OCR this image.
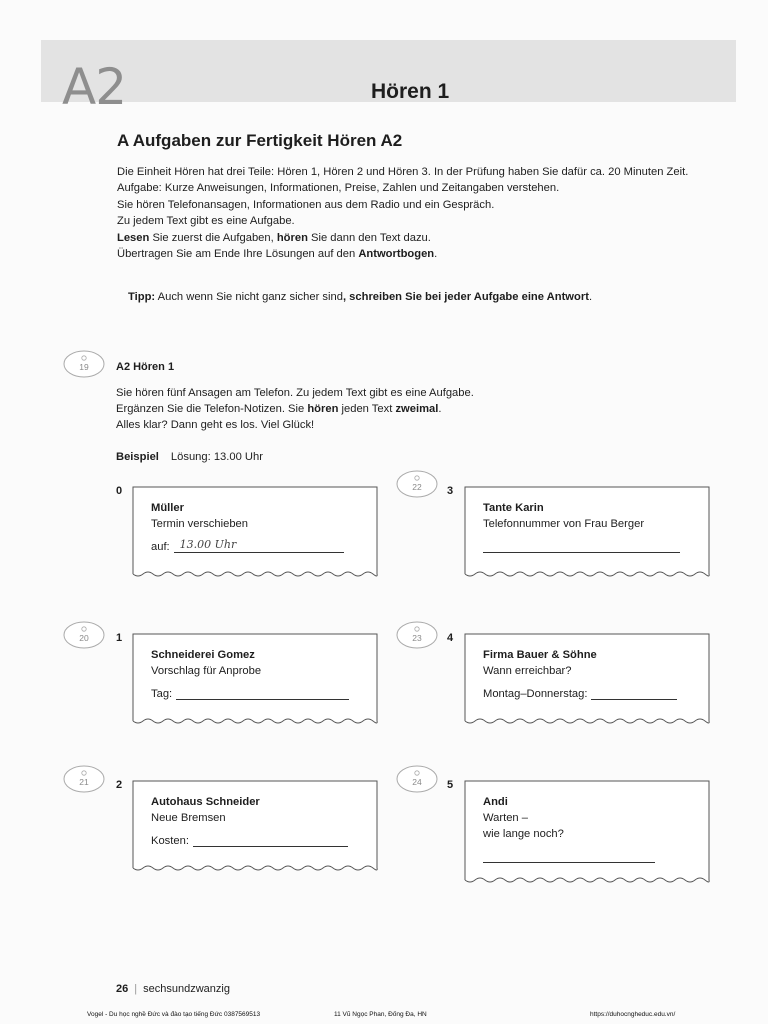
A2	Hören 1
A Aufgaben zur Fertigkeit Hören A2
Die Einheit Hören hat drei Teile: Hören 1, Hören 2 und Hören 3. In der Prüfung haben Sie dafür ca. 20 Minuten Zeit.
Aufgabe: Kurze Anweisungen, Informationen, Preise, Zahlen und Zeitangaben verstehen.
Sie hören Telefonansagen, Informationen aus dem Radio und ein Gespräch.
Zu jedem Text gibt es eine Aufgabe.
Lesen Sie zuerst die Aufgaben, hören Sie dann den Text dazu.
Übertragen Sie am Ende Ihre Lösungen auf den Antwortbogen.
Tipp: Auch wenn Sie nicht ganz sicher sind, schreiben Sie bei jeder Aufgabe eine Antwort.
19	A2 Hören 1
Sie hören fünf Ansagen am Telefon. Zu jedem Text gibt es eine Aufgabe.
Ergänzen Sie die Telefon-Notizen. Sie hören jeden Text zweimal.
Alles klar? Dann geht es los. Viel Glück!
Beispiel Lösung: 13.00 Uhr
0
Müller
Termin verschieben
auf: 13.00 Uhr
20	1
Schneiderei Gomez
Vorschlag für Anprobe
Tag:
21	2
Autohaus Schneider
Neue Bremsen
Kosten:
22	3
Tante Karin
Telefonnummer von Frau Berger
23	4
Firma Bauer & Söhne
Wann erreichbar?
Montag–Donnerstag:
24	5
Andi
Warten –
wie lange noch?
26 | sechsundzwanzig
Vogel - Du học nghề Đức và đào tạo tiếng Đức 0387569513	11 Vũ Ngọc Phan, Đống Đa, HN	https://duhocngheduc.edu.vn/
